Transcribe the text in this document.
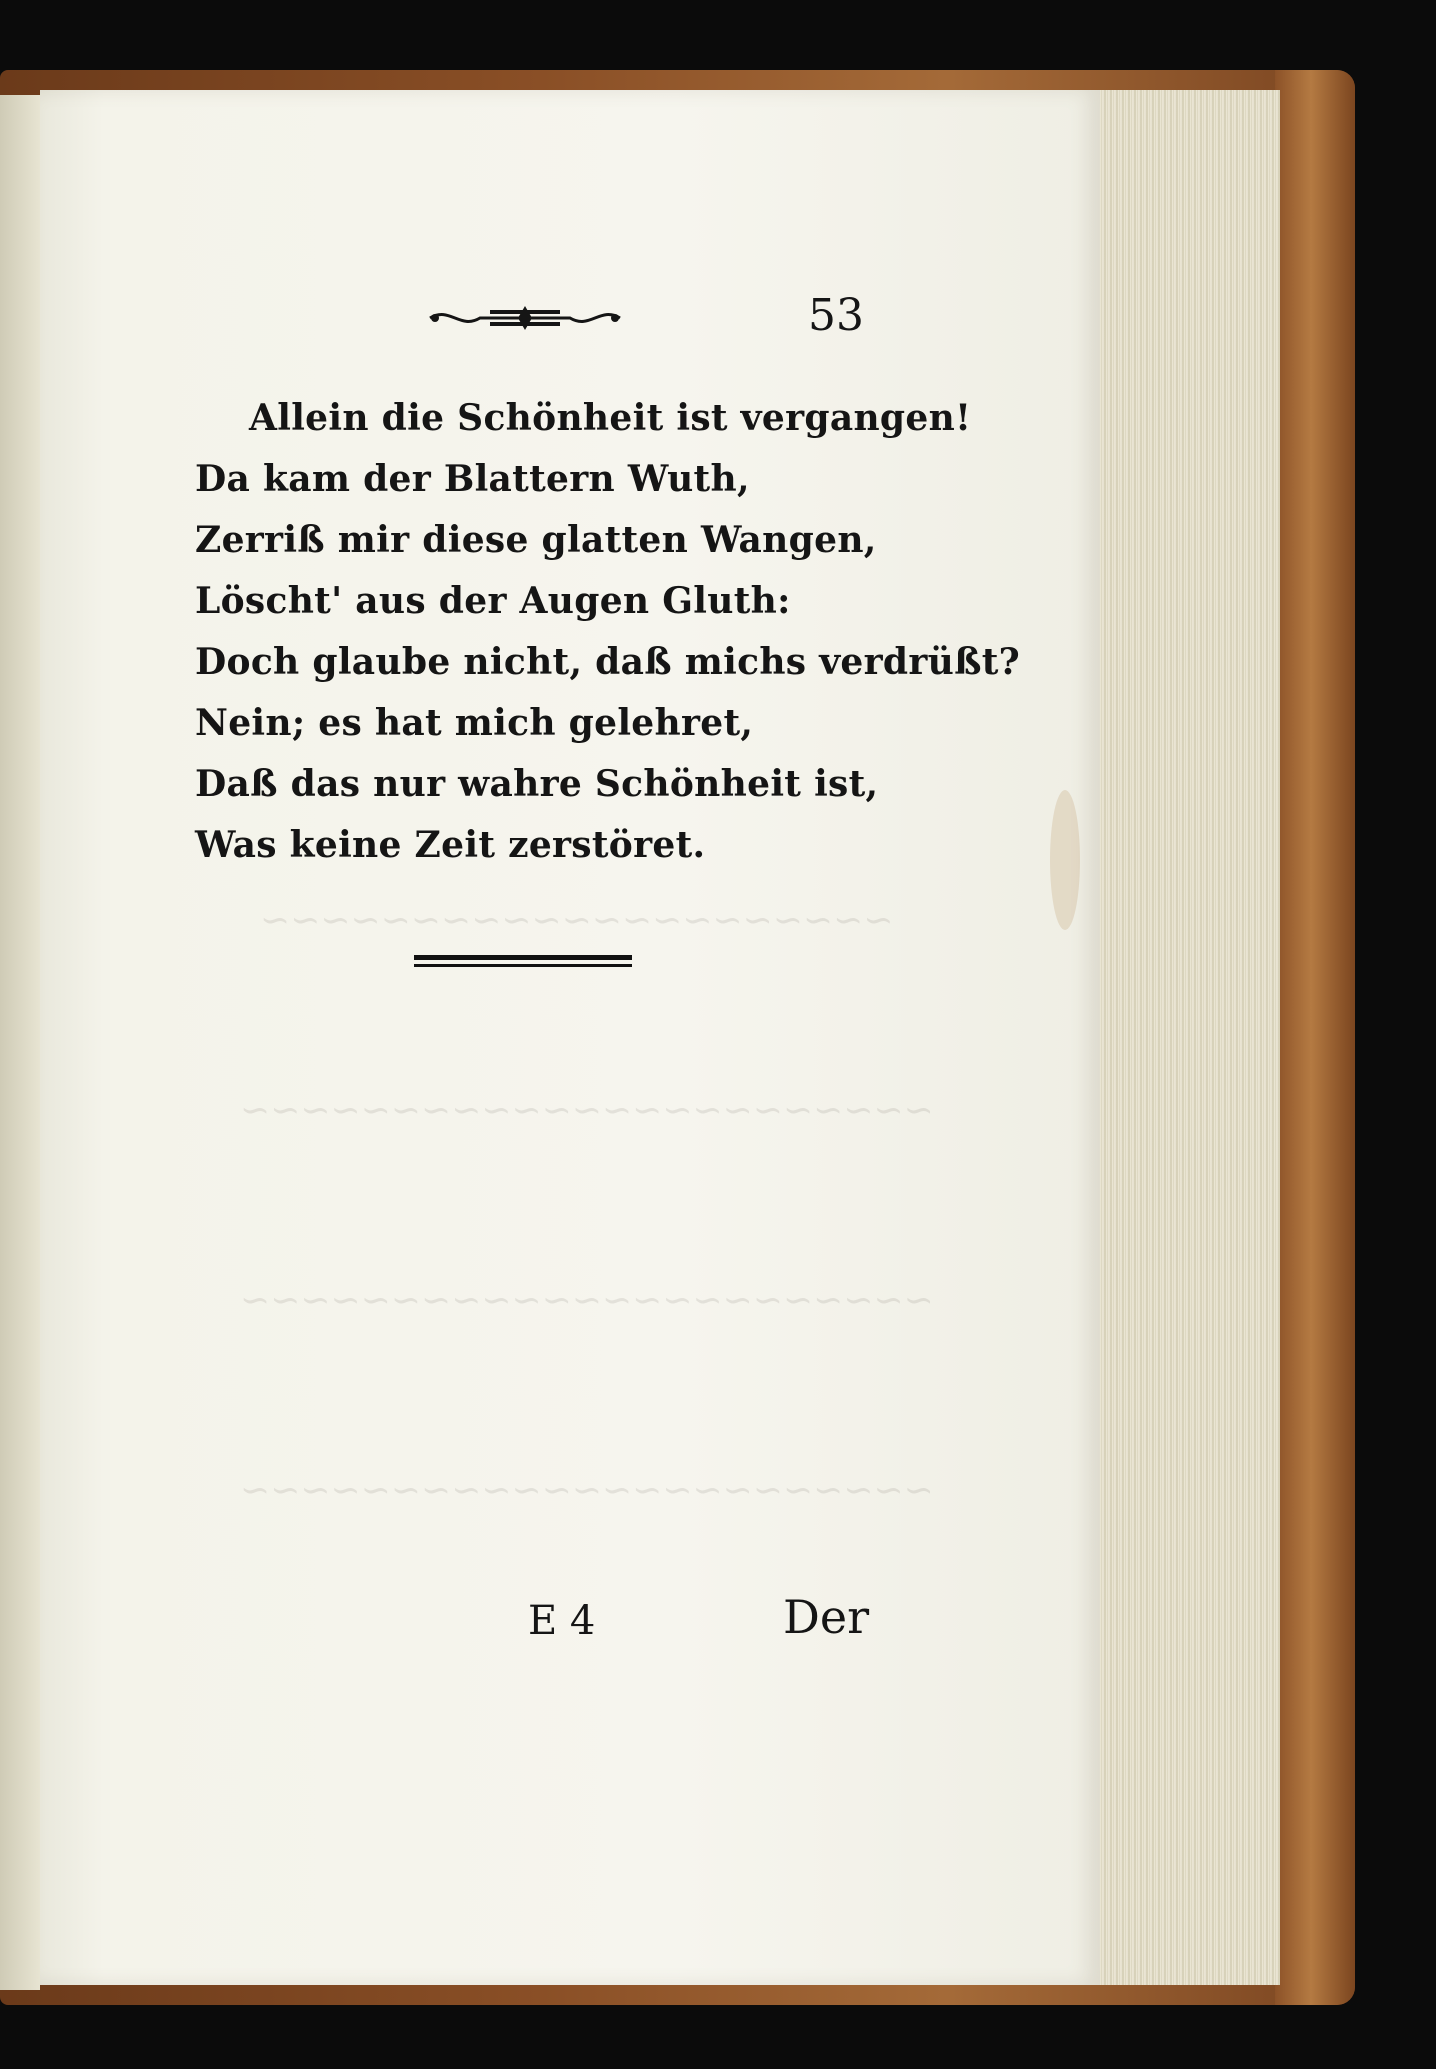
~~~~~~~~~~~~~~~~~~~~~
~~~~~~~~~~~~~~~~~~~~~~~
~~~~~~~~~~~~~~~~~~~~~~~
~~~~~~~~~~~~~~~~~~~~~~~
53
Allein die Schönheit ist vergangen!
Da kam der Blattern Wuth,
Zerriß mir diese glatten Wangen,
Löscht' aus der Augen Gluth:
Doch glaube nicht, daß michs verdrüßt?
Nein; es hat mich gelehret,
Daß das nur wahre Schönheit ist,
Was keine Zeit zerstöret.
E 4	Der
